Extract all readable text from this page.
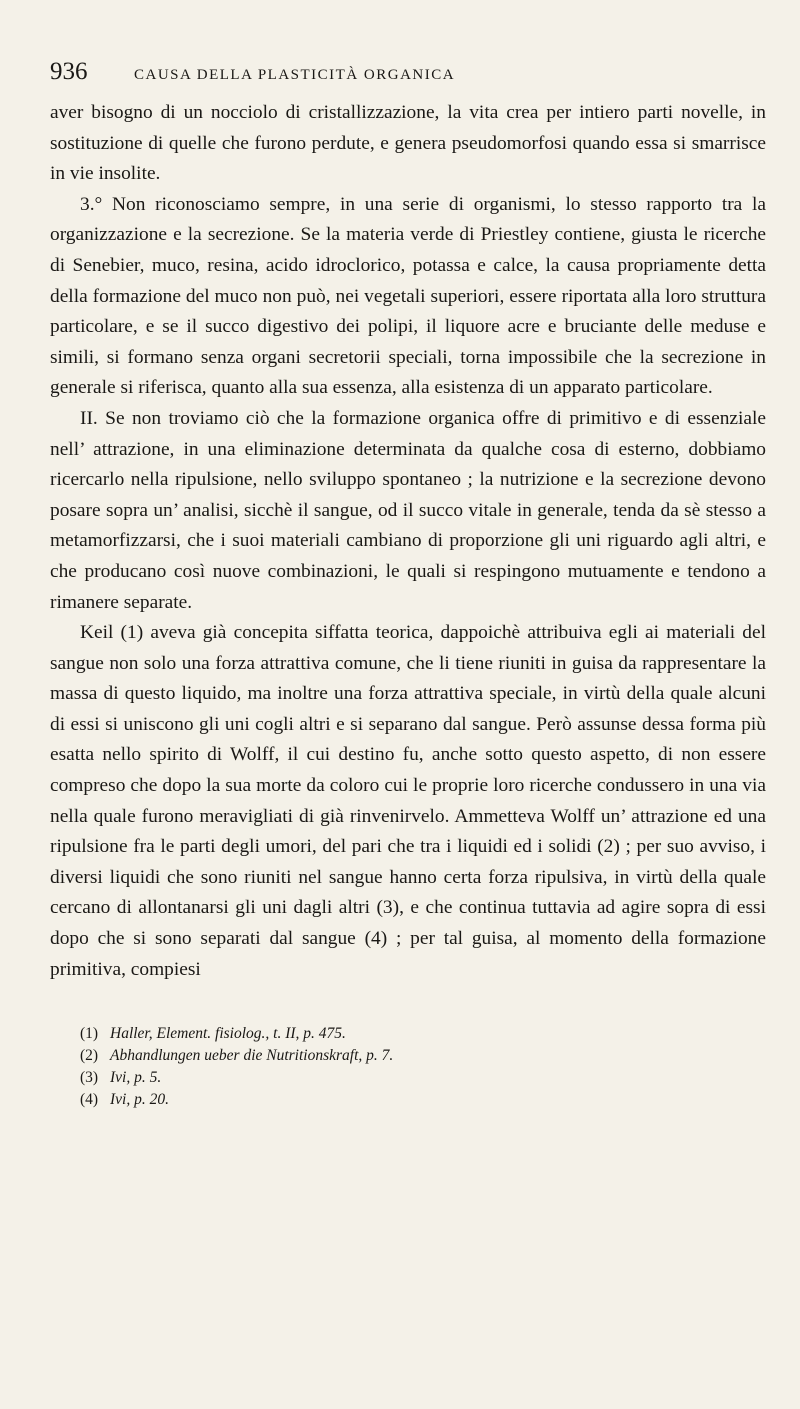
936	CAUSA DELLA PLASTICITÀ ORGANICA

aver bisogno di un nocciolo di cristallizzazione, la vita crea per intiero parti novelle, in sostituzione di quelle che furono perdute, e genera pseudomorfosi quando essa si smarrisce in vie insolite.

3.° Non riconosciamo sempre, in una serie di organismi, lo stesso rapporto tra la organizzazione e la secrezione. Se la materia verde di Priestley contiene, giusta le ricerche di Senebier, muco, resina, acido idroclorico, potassa e calce, la causa propriamente detta della formazione del muco non può, nei vegetali superiori, essere riportata alla loro struttura particolare, e se il succo digestivo dei polipi, il liquore acre e bruciante delle meduse e simili, si formano senza organi secretorii speciali, torna impossibile che la secrezione in generale si riferisca, quanto alla sua essenza, alla esistenza di un apparato particolare.

II. Se non troviamo ciò che la formazione organica offre di primitivo e di essenziale nell’ attrazione, in una eliminazione determinata da qualche cosa di esterno, dobbiamo ricercarlo nella ripulsione, nello sviluppo spontaneo ; la nutrizione e la secrezione devono posare sopra un’ analisi, sicchè il sangue, od il succo vitale in generale, tenda da sè stesso a metamorfizzarsi, che i suoi materiali cambiano di proporzione gli uni riguardo agli altri, e che producano così nuove combinazioni, le quali si respingono mutuamente e tendono a rimanere separate.

Keil (1) aveva già concepita siffatta teorica, dappoichè attribuiva egli ai materiali del sangue non solo una forza attrattiva comune, che li tiene riuniti in guisa da rappresentare la massa di questo liquido, ma inoltre una forza attrattiva speciale, in virtù della quale alcuni di essi si uniscono gli uni cogli altri e si separano dal sangue. Però assunse dessa forma più esatta nello spirito di Wolff, il cui destino fu, anche sotto questo aspetto, di non essere compreso che dopo la sua morte da coloro cui le proprie loro ricerche condussero in una via nella quale furono meravigliati di già rinvenirvelo. Ammetteva Wolff un’ attrazione ed una ripulsione fra le parti degli umori, del pari che tra i liquidi ed i solidi (2) ; per suo avviso, i diversi liquidi che sono riuniti nel sangue hanno certa forza ripulsiva, in virtù della quale cercano di allontanarsi gli uni dagli altri (3), e che continua tuttavia ad agire sopra di essi dopo che si sono separati dal sangue (4) ; per tal guisa, al momento della formazione primitiva, compiesi

(1) Haller, Element. fisiolog., t. II, p. 475.
(2) Abhandlungen ueber die Nutritionskraft, p. 7.
(3) Ivi, p. 5.
(4) Ivi, p. 20.
